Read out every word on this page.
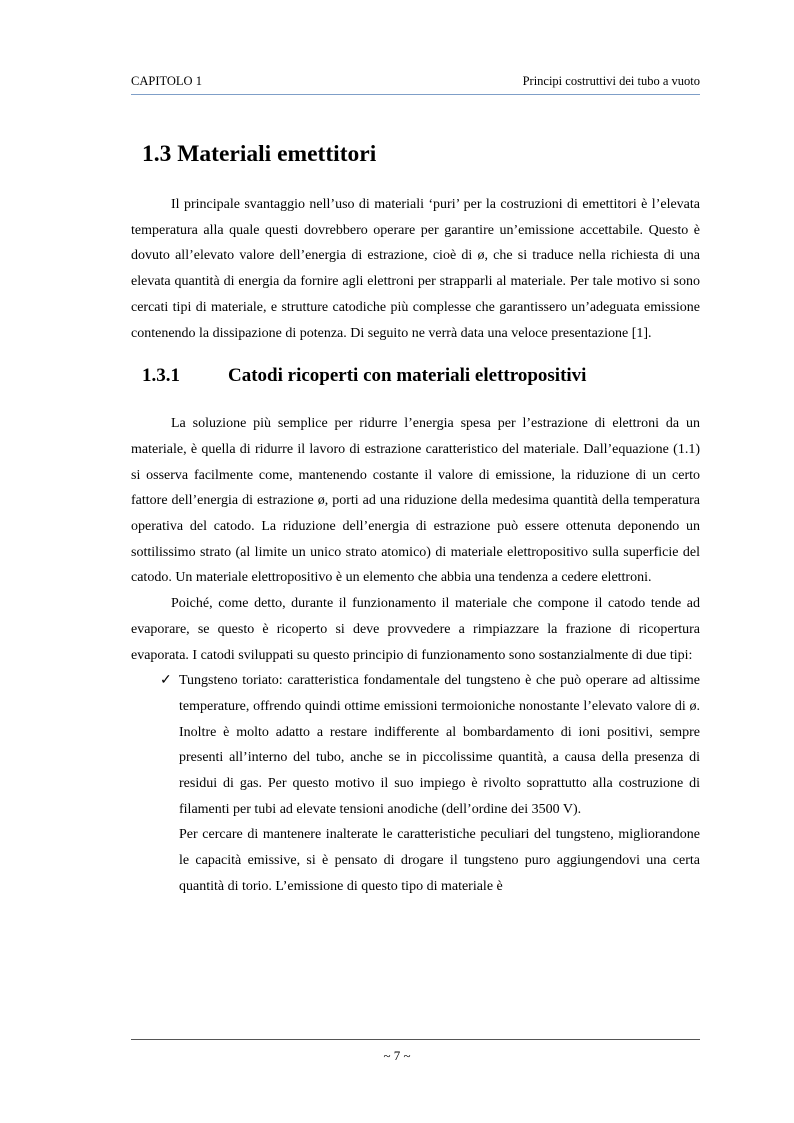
CAPITOLO 1	Principi costruttivi dei tubo a vuoto
1.3 Materiali emettitori

Il principale svantaggio nell’uso di materiali ‘puri’ per la costruzioni di emettitori è l’elevata temperatura alla quale questi dovrebbero operare per garantire un’emissione accettabile. Questo è dovuto all’elevato valore dell’energia di estrazione, cioè di ø, che si traduce nella richiesta di una elevata quantità di energia da fornire agli elettroni per strapparli al materiale. Per tale motivo si sono cercati tipi di materiale, e strutture catodiche più complesse che garantissero un’adeguata emissione contenendo la dissipazione di potenza. Di seguito ne verrà data una veloce presentazione [1].

1.3.1	Catodi ricoperti con materiali elettropositivi

La soluzione più semplice per ridurre l’energia spesa per l’estrazione di elettroni da un materiale, è quella di ridurre il lavoro di estrazione caratteristico del materiale. Dall’equazione (1.1) si osserva facilmente come, mantenendo costante il valore di emissione, la riduzione di un certo fattore dell’energia di estrazione ø, porti ad una riduzione della medesima quantità della temperatura operativa del catodo. La riduzione dell’energia di estrazione può essere ottenuta deponendo un sottilissimo strato (al limite un unico strato atomico) di materiale elettropositivo sulla superficie del catodo. Un materiale elettropositivo è un elemento che abbia una tendenza a cedere elettroni.

Poiché, come detto, durante il funzionamento il materiale che compone il catodo tende ad evaporare, se questo è ricoperto si deve provvedere a rimpiazzare la frazione di ricopertura evaporata. I catodi sviluppati su questo principio di funzionamento sono sostanzialmente di due tipi:

✓ Tungsteno toriato: caratteristica fondamentale del tungsteno è che può operare ad altissime temperature, offrendo quindi ottime emissioni termoioniche nonostante l’elevato valore di ø. Inoltre è molto adatto a restare indifferente al bombardamento di ioni positivi, sempre presenti all’interno del tubo, anche se in piccolissime quantità, a causa della presenza di residui di gas. Per questo motivo il suo impiego è rivolto soprattutto alla costruzione di filamenti per tubi ad elevate tensioni anodiche (dell’ordine dei 3500 V).

Per cercare di mantenere inalterate le caratteristiche peculiari del tungsteno, migliorandone le capacità emissive, si è pensato di drogare il tungsteno puro aggiungendovi una certa quantità di torio. L’emissione di questo tipo di materiale è

~ 7 ~
